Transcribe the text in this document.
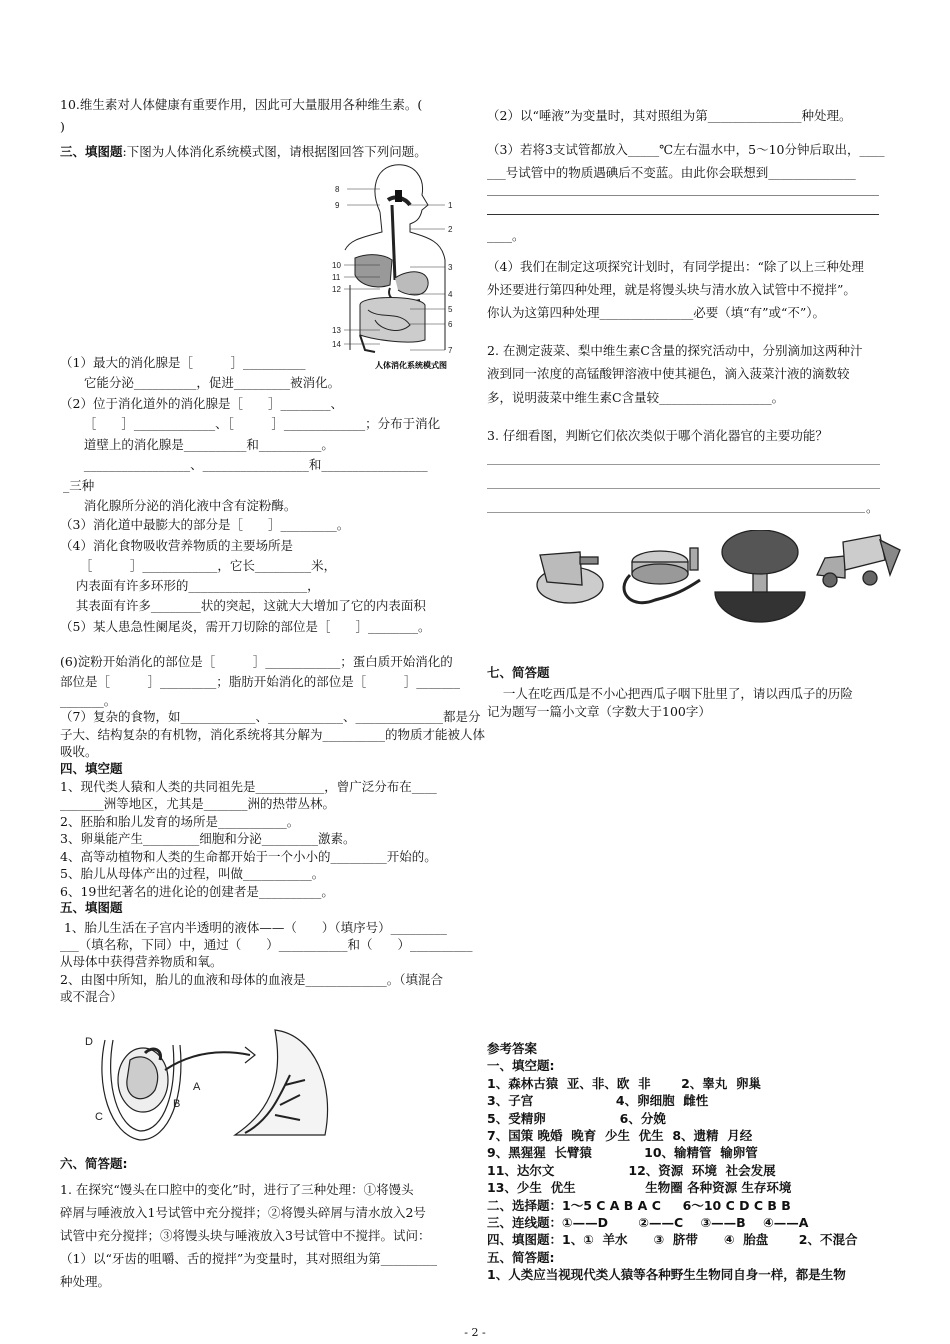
10.维生素对人体健康有重要作用，因此可大量服用各种维生素。(
)
（1）最大的消化腺是［　　　］__________
它能分泌__________，促进_________被消化。
（2）位于消化道外的消化腺是［　　］________、
［　　］_____________、［　　　］_____________；分布于消化
道壁上的消化腺是__________和__________。
_________________、_________________和_________________
_三种
消化腺所分泌的消化液中含有淀粉酶。
（3）消化道中最膨大的部分是［　　］_________。
（4）消化食物吸收营养物质的主要场所是
［　　　］____________，它长_________米，
内表面有许多环形的___________________，
其表面有许多________状的突起，这就大大增加了它的内表面积
（5）某人患急性阑尾炎，需开刀切除的部位是［　　］________。
(6)淀粉开始消化的部位是［　　　］____________；蛋白质开始消化的
部位是［　　　］_________；脂肪开始消化的部位是［　　　］_______
_______。
（7）复杂的食物，如____________、____________、______________都是分
子大、结构复杂的有机物，消化系统将其分解为__________的物质才能被人体
吸收。
1、现代类人猿和人类的共同祖先是___________，曾广泛分布在____
_______洲等地区，尤其是_______洲的热带丛林。
2、胚胎和胎儿发育的场所是___________。
3、卵巢能产生_________细胞和分泌_________激素。
4、高等动植物和人类的生命都开始于一个小小的_________开始的。
5、胎儿从母体产出的过程，叫做___________。
6、19世纪著名的进化论的创建者是__________。
1、胎儿生活在子宫内半透明的液体——（　　）（填序号）_________
___（填名称，下同）中，通过（　　）___________和（　　）__________
从母体中获得营养物质和氧。
2、由图中所知，胎儿的血液和母体的血液是_____________。（填混合
或不混合）
1. 在探究“馒头在口腔中的变化”时，进行了三种处理：①将馒头
碎屑与唾液放入1号试管中充分搅拌；②将馒头碎屑与清水放入2号
试管中充分搅拌；③将馒头块与唾液放入3号试管中不搅拌。试问：
（1）以“牙齿的咀嚼、舌的搅拌”为变量时，其对照组为第_________
种处理。
（2）以“唾液”为变量时，其对照组为第_______________种处理。
（3）若将3支试管都放入_____℃左右温水中，5～10分钟后取出，____
___号试管中的物质遇碘后不变蓝。由此你会联想到______________
____。
（4）我们在制定这项探究计划时，有同学提出：“除了以上三种处理
外还要进行第四种处理，就是将馒头块与清水放入试管中不搅拌”。
你认为这第四种处理_______________必要（填“有”或“不”）。
2. 在测定菠菜、梨中维生素C含量的探究活动中，分别滴加这两种汁
液到同一浓度的高锰酸钾溶液中使其褪色，滴入菠菜汁液的滴数较
多，说明菠菜中维生素C含量较__________________。
3. 仔细看图，判断它们依次类似于哪个消化器官的主要功能？
。
一人在吃西瓜是不小心把西瓜子咽下肚里了，请以西瓜子的历险
记为题写一篇小文章（字数大于100字）
参考答案
一、填空题:
1、森林古猿  亚、非、欧  非       2、睾丸  卵巢
3、子宫                   4、卵细胞  雌性
5、受精卵                 6、分娩
7、国策 晚婚  晚育  少生  优生  8、遗精  月经
9、黑猩猩  长臂猿            10、输精管  输卵管
11、达尔文                 12、资源  环境  社会发展
13、少生  优生                生物圈 各种资源 生存环境
二、选择题：1～5 C A B A C     6～10 C D C B B
三、连线题：①——D       ②——C    ③——B    ④——A
四、填图题：1、①  羊水      ③  脐带      ④  胎盘       2、不混合
五、简答题:
1、人类应当视现代类人猿等各种野生生物同自身一样，都是生物
三、填图题:下图为人体消化系统模式图，请根据图回答下列问题。
四、填空题
五、填图题
六、简答题:
七、简答题
1
2
3
4
5
6
7
8
9
10
11
12
13
14
人体消化系统模式图
D
A
B
C
- 2 -
